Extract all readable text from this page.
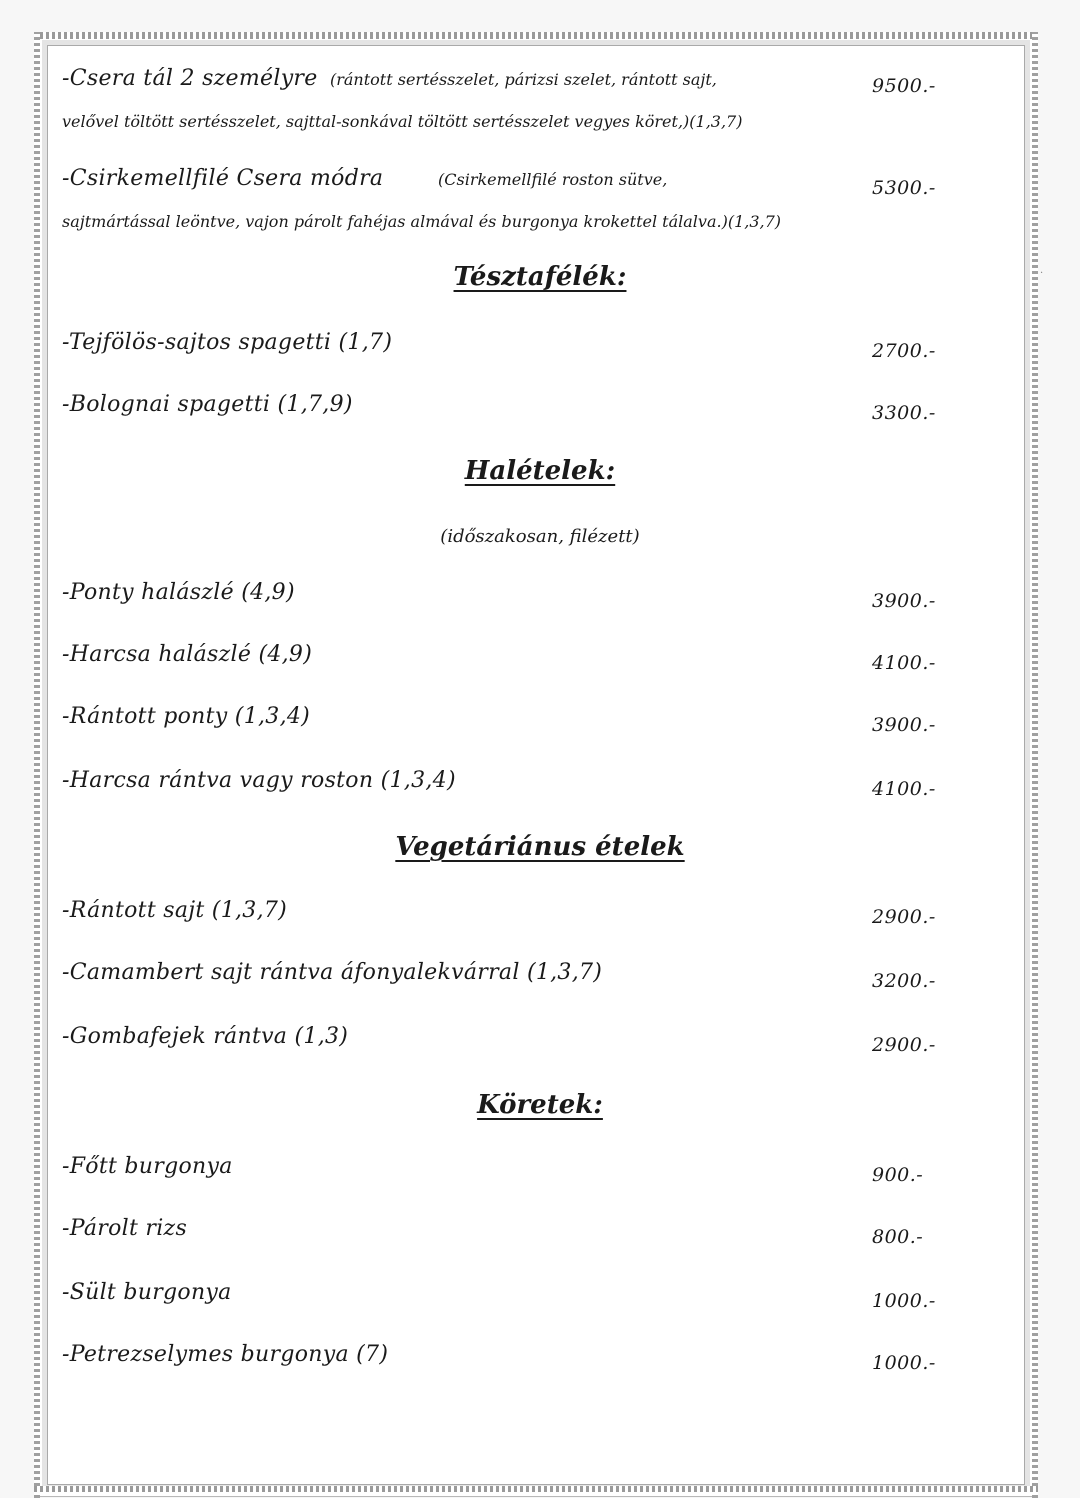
·
-Csera tál 2 személyre (rántott sertésszelet, párizsi szelet, rántott sajt,	9500.-
velővel töltött sertésszelet, sajttal-sonkával töltött sertésszelet vegyes köret,)(1,3,7)
-Csirkemellfilé Csera módra	(Csirkemellfilé roston sütve,	5300.-
sajtmártással leöntve, vajon párolt fahéjas almával és burgonya krokettel tálalva.)(1,3,7)
Tésztafélék:
-Tejfölös-sajtos spagetti (1,7)	2700.-
-Bolognai spagetti (1,7,9)	3300.-
Halételek:
(időszakosan, filézett)
-Ponty halászlé (4,9)	3900.-
-Harcsa halászlé (4,9)	4100.-
-Rántott ponty (1,3,4)	3900.-
-Harcsa rántva vagy roston (1,3,4)	4100.-
Vegetáriánus ételek
-Rántott sajt (1,3,7)	2900.-
-Camambert sajt rántva áfonyalekvárral (1,3,7)	3200.-
-Gombafejek rántva (1,3)	2900.-
Köretek:
-Főtt burgonya	900.-
-Párolt rizs	800.-
-Sült burgonya	1000.-
-Petrezselymes burgonya (7)	1000.-
